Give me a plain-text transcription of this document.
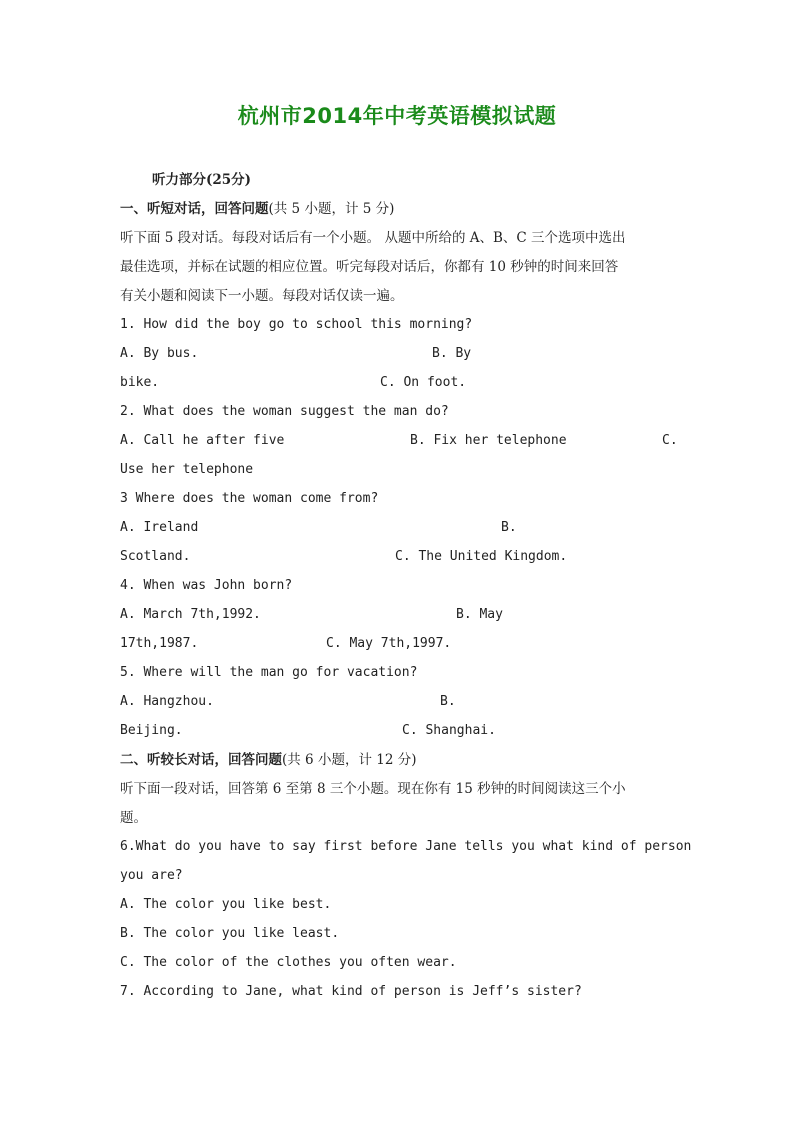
杭州市2014年中考英语模拟试题
听力部分(25分)
一、听短对话，回答问题(共 5 小题，计 5 分)
听下面 5 段对话。每段对话后有一个小题。 从题中所给的 A、B、C 三个选项中选出
最佳选项，并标在试题的相应位置。听完每段对话后，你都有 10 秒钟的时间来回答
有关小题和阅读下一小题。每段对话仅读一遍。
1. How did the boy go to school this morning?
A. By bus.	B. By
bike.	C. On foot.
2. What does the woman suggest the man do?
A. Call he after five	B. Fix her telephone	C.
Use her telephone
3 Where does the woman come from?
A. Ireland	B.
Scotland.	C. The United Kingdom.
4. When was John born?
A. March 7th,1992.	B. May
17th,1987.	C. May 7th,1997.
5. Where will the man go for vacation?
A. Hangzhou.	B.
Beijing.	C. Shanghai.
二、听较长对话，回答问题(共 6 小题，计 12 分)
听下面一段对话，回答第 6 至第 8 三个小题。现在你有 15 秒钟的时间阅读这三个小
题。
6.What do you have to say first before Jane tells you what kind of person
you are?
A. The color you like best.
B. The color you like least.
C. The color of the clothes you often wear.
7. According to Jane, what kind of person is Jeff’s sister?
